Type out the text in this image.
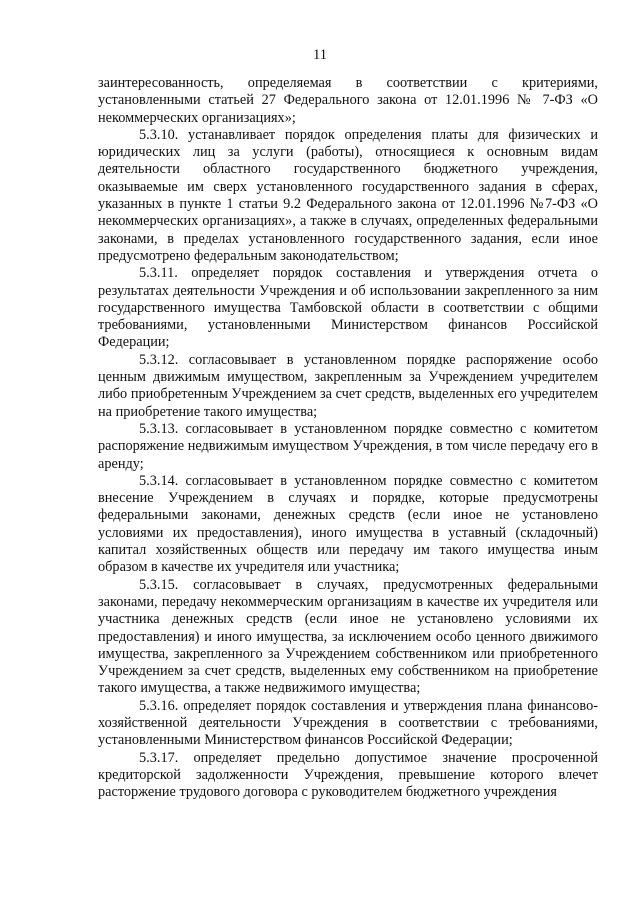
11

заинтересованность, определяемая в соответствии с критериями, установленными статьей 27 Федерального закона от 12.01.1996 № 7-ФЗ «О некоммерческих организациях»;

5.3.10. устанавливает порядок определения платы для физических и юридических лиц за услуги (работы), относящиеся к основным видам деятельности областного государственного бюджетного учреждения, оказываемые им сверх установленного государственного задания в сферах, указанных в пункте 1 статьи 9.2 Федерального закона от 12.01.1996 №7-ФЗ «О некоммерческих организациях», а также в случаях, определенных федеральными законами, в пределах установленного государственного задания, если иное предусмотрено федеральным законодательством;

5.3.11. определяет порядок составления и утверждения отчета о результатах деятельности Учреждения и об использовании закрепленного за ним государственного имущества Тамбовской области в соответствии с общими требованиями, установленными Министерством финансов Российской Федерации;

5.3.12. согласовывает в установленном порядке распоряжение особо ценным движимым имуществом, закрепленным за Учреждением учредителем либо приобретенным Учреждением за счет средств, выделенных его учредителем на приобретение такого имущества;

5.3.13. согласовывает в установленном порядке совместно с комитетом распоряжение недвижимым имуществом Учреждения, в том числе передачу его в аренду;

5.3.14. согласовывает в установленном порядке совместно с комитетом внесение Учреждением в случаях и порядке, которые предусмотрены федеральными законами, денежных средств (если иное не установлено условиями их предоставления), иного имущества в уставный (складочный) капитал хозяйственных обществ или передачу им такого имущества иным образом в качестве их учредителя или участника;

5.3.15. согласовывает в случаях, предусмотренных федеральными законами, передачу некоммерческим организациям в качестве их учредителя или участника денежных средств (если иное не установлено условиями их предоставления) и иного имущества, за исключением особо ценного движимого имущества, закрепленного за Учреждением собственником или приобретенного Учреждением за счет средств, выделенных ему собственником на приобретение такого имущества, а также недвижимого имущества;

5.3.16. определяет порядок составления и утверждения плана финансово-хозяйственной деятельности Учреждения в соответствии с требованиями, установленными Министерством финансов Российской Федерации;

5.3.17. определяет предельно допустимое значение просроченной кредиторской задолженности Учреждения, превышение которого влечет расторжение трудового договора с руководителем бюджетного учреждения
